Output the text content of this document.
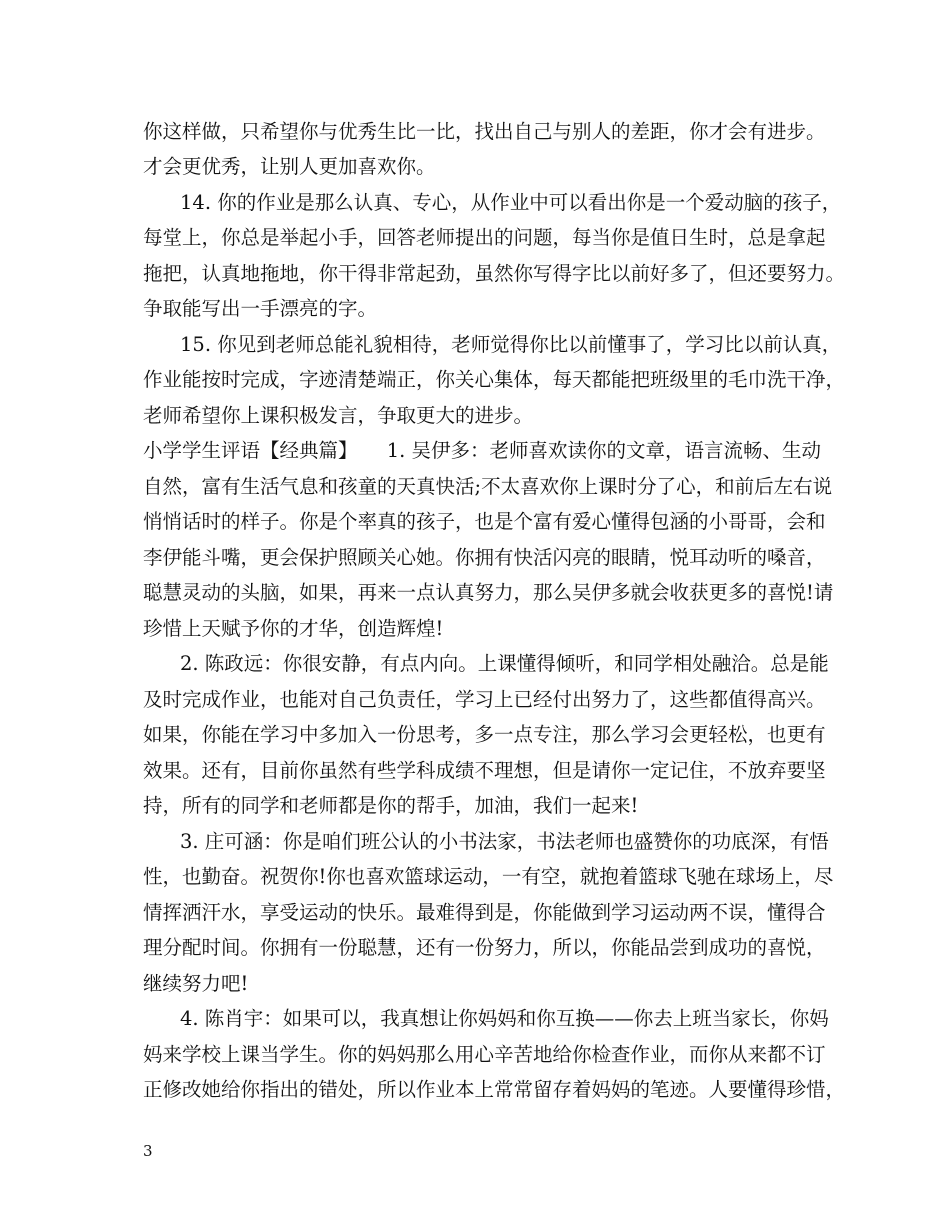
你这样做，只希望你与优秀生比一比，找出自己与别人的差距，你才会有进步。
才会更优秀，让别人更加喜欢你。
14. 你的作业是那么认真、专心，从作业中可以看出你是一个爱动脑的孩子，
每堂上，你总是举起小手，回答老师提出的问题，每当你是值日生时，总是拿起
拖把，认真地拖地，你干得非常起劲，虽然你写得字比以前好多了，但还要努力。
争取能写出一手漂亮的字。
15. 你见到老师总能礼貌相待，老师觉得你比以前懂事了，学习比以前认真，
作业能按时完成，字迹清楚端正，你关心集体，每天都能把班级里的毛巾洗干净，
老师希望你上课积极发言，争取更大的进步。
小学学生评语【经典篇】　　1. 吴伊多：老师喜欢读你的文章，语言流畅、生动
自然，富有生活气息和孩童的天真快活;不太喜欢你上课时分了心，和前后左右说
悄悄话时的样子。你是个率真的孩子，也是个富有爱心懂得包涵的小哥哥，会和
李伊能斗嘴，更会保护照顾关心她。你拥有快活闪亮的眼睛，悦耳动听的嗓音，
聪慧灵动的头脑，如果，再来一点认真努力，那么吴伊多就会收获更多的喜悦!请
珍惜上天赋予你的才华，创造辉煌!
2. 陈政远：你很安静，有点内向。上课懂得倾听，和同学相处融洽。总是能
及时完成作业，也能对自己负责任，学习上已经付出努力了，这些都值得高兴。
如果，你能在学习中多加入一份思考，多一点专注，那么学习会更轻松，也更有
效果。还有，目前你虽然有些学科成绩不理想，但是请你一定记住，不放弃要坚
持，所有的同学和老师都是你的帮手，加油，我们一起来!
3. 庄可涵：你是咱们班公认的小书法家，书法老师也盛赞你的功底深，有悟
性，也勤奋。祝贺你!你也喜欢篮球运动，一有空，就抱着篮球飞驰在球场上，尽
情挥洒汗水，享受运动的快乐。最难得到是，你能做到学习运动两不误，懂得合
理分配时间。你拥有一份聪慧，还有一份努力，所以，你能品尝到成功的喜悦，
继续努力吧!
4. 陈肖宇：如果可以，我真想让你妈妈和你互换——你去上班当家长，你妈
妈来学校上课当学生。你的妈妈那么用心辛苦地给你检查作业，而你从来都不订
正修改她给你指出的错处，所以作业本上常常留存着妈妈的笔迹。人要懂得珍惜，
3
